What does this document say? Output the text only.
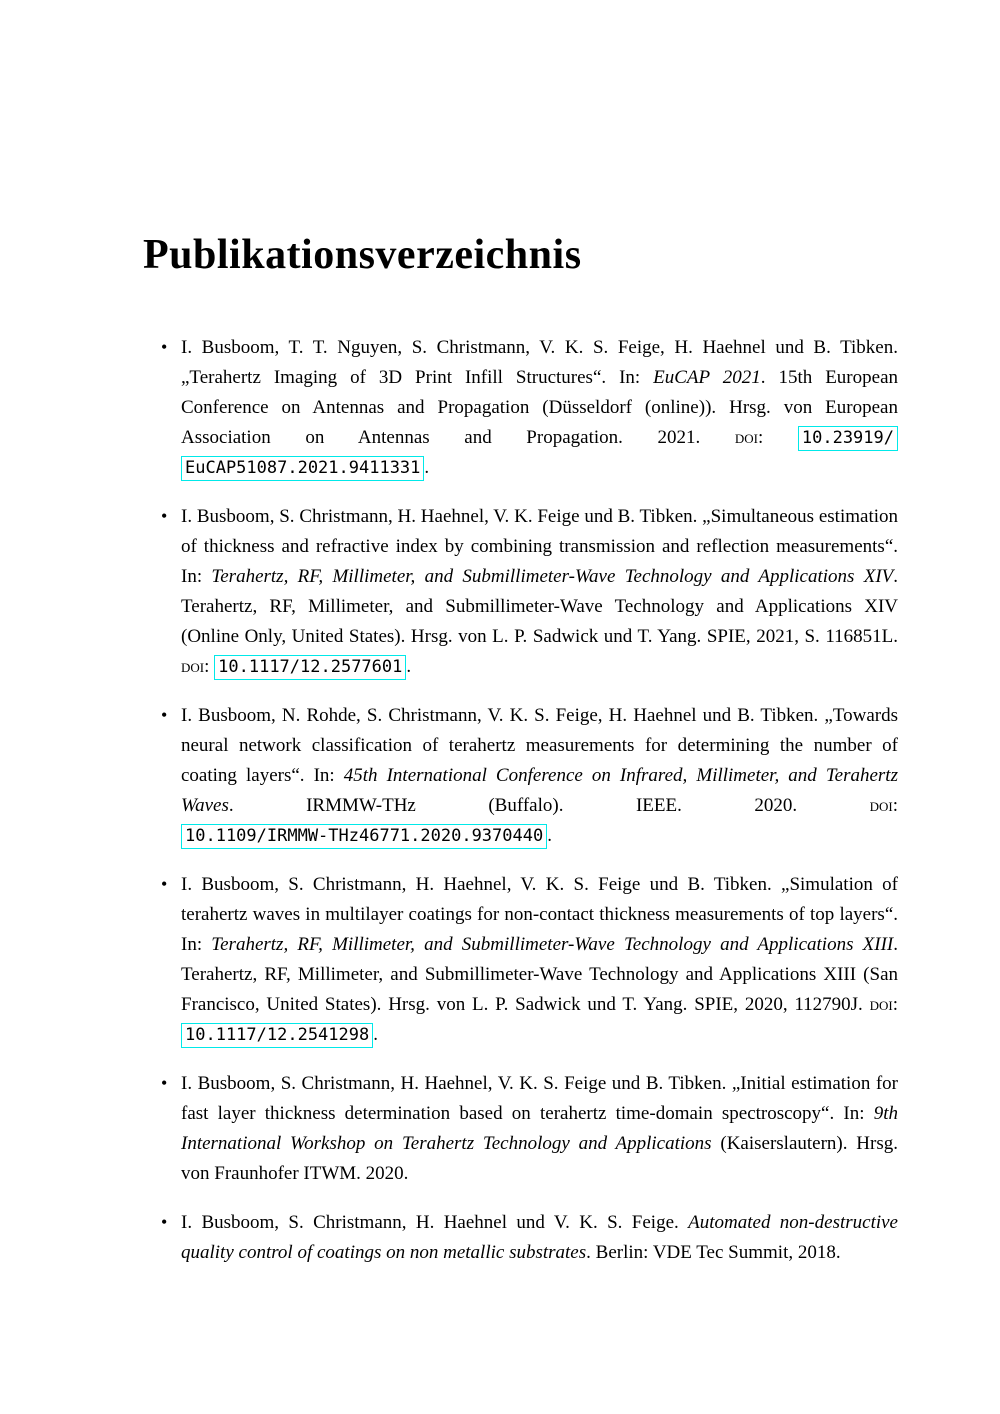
Publikationsverzeichnis
• I. Busboom, T. T. Nguyen, S. Christmann, V. K. S. Feige, H. Haehnel und B. Tibken. „Terahertz Imaging of 3D Print Infill Structures“. In: EuCAP 2021. 15th European Conference on Antennas and Propagation (Düsseldorf (online)). Hrsg. von European Association on Antennas and Propagation. 2021. doi: 10.23919/EuCAP51087.2021.9411331 .
• I. Busboom, S. Christmann, H. Haehnel, V. K. Feige und B. Tibken. „Simultaneous estimation of thickness and refractive index by combining transmission and reflection measurements“. In: Terahertz, RF, Millimeter, and Submillimeter-Wave Technology and Applications XIV. Terahertz, RF, Millimeter, and Submillimeter-Wave Technology and Applications XIV (Online Only, United States). Hrsg. von L. P. Sadwick und T. Yang. SPIE, 2021, S. 116851L. doi: 10.1117/12.2577601 .
• I. Busboom, N. Rohde, S. Christmann, V. K. S. Feige, H. Haehnel und B. Tibken. „Towards neural network classification of terahertz measurements for determining the number of coating layers“. In: 45th International Conference on Infrared, Millimeter, and Terahertz Waves. IRMMW-THz (Buffalo). IEEE. 2020. doi: 10.1109/IRMMW-THz46771.2020.9370440 .
• I. Busboom, S. Christmann, H. Haehnel, V. K. S. Feige und B. Tibken. „Simulation of terahertz waves in multilayer coatings for non-contact thickness measurements of top layers“. In: Terahertz, RF, Millimeter, and Submillimeter-Wave Technology and Applications XIII. Terahertz, RF, Millimeter, and Submillimeter-Wave Technology and Applications XIII (San Francisco, United States). Hrsg. von L. P. Sadwick und T. Yang. SPIE, 2020, 112790J. doi: 10.1117/12.2541298 .
• I. Busboom, S. Christmann, H. Haehnel, V. K. S. Feige und B. Tibken. „Initial estimation for fast layer thickness determination based on terahertz time-domain spectroscopy“. In: 9th International Workshop on Terahertz Technology and Applications (Kaiserslautern). Hrsg. von Fraunhofer ITWM. 2020.
• I. Busboom, S. Christmann, H. Haehnel und V. K. S. Feige. Automated non-destructive quality control of coatings on non metallic substrates. Berlin: VDE Tec Summit, 2018.
